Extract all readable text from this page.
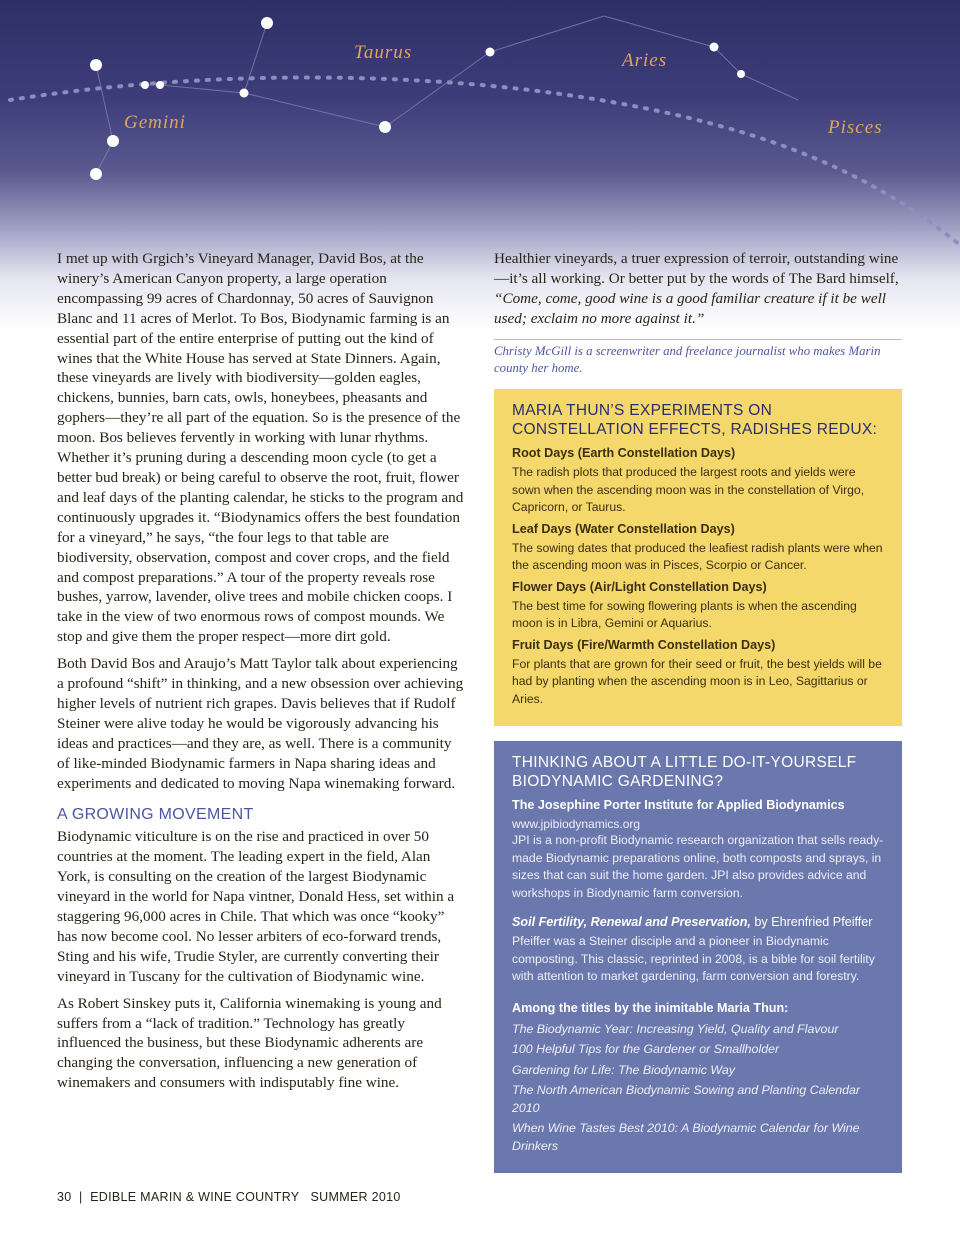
Gemini
Taurus	Aries
Pisces

I met up with Grgich’s Vineyard Manager, David Bos, at the winery’s American Canyon property, a large operation encompassing 99 acres of Chardonnay, 50 acres of Sauvignon Blanc and 11 acres of Merlot. To Bos, Biodynamic farming is an essential part of the entire enterprise of putting out the kind of wines that the White House has served at State Dinners. Again, these vineyards are lively with biodiversity—golden eagles, chickens, bunnies, barn cats, owls, honeybees, pheasants and gophers—they’re all part of the equation. So is the presence of the moon. Bos believes fervently in working with lunar rhythms. Whether it’s pruning during a descending moon cycle (to get a better bud break) or being careful to observe the root, fruit, flower and leaf days of the planting calendar, he sticks to the program and continuously upgrades it. “Biodynamics offers the best foundation for a vineyard,” he says, “the four legs to that table are biodiversity, observation, compost and cover crops, and the field and compost preparations.” A tour of the property reveals rose bushes, yarrow, lavender, olive trees and mobile chicken coops. I take in the view of two enormous rows of compost mounds. We stop and give them the proper respect—more dirt gold.

Both David Bos and Araujo’s Matt Taylor talk about experiencing a profound “shift” in thinking, and a new obsession over achieving higher levels of nutrient rich grapes. Davis believes that if Rudolf Steiner were alive today he would be vigorously advancing his ideas and practices—and they are, as well. There is a community of like-minded Biodynamic farmers in Napa sharing ideas and experiments and dedicated to moving Napa winemaking forward.

A GROWING MOVEMENT

Biodynamic viticulture is on the rise and practiced in over 50 countries at the moment. The leading expert in the field, Alan York, is consulting on the creation of the largest Biodynamic vineyard in the world for Napa vintner, Donald Hess, set within a staggering 96,000 acres in Chile. That which was once “kooky” has now become cool. No lesser arbiters of eco-forward trends, Sting and his wife, Trudie Styler, are currently converting their vineyard in Tuscany for the cultivation of Biodynamic wine.

As Robert Sinskey puts it, California winemaking is young and suffers from a “lack of tradition.” Technology has greatly influenced the business, but these Biodynamic adherents are changing the conversation, influencing a new generation of winemakers and consumers with indisputably fine wine.

Healthier vineyards, a truer expression of terroir, outstanding wine—it’s all working. Or better put by the words of The Bard himself, “Come, come, good wine is a good familiar creature if it be well used; exclaim no more against it.”

Christy McGill is a screenwriter and freelance journalist who makes Marin county her home.
MARIA THUN’S EXPERIMENTS ON CONSTELLATION EFFECTS, RADISHES REDUX:
Root Days (Earth Constellation Days)
The radish plots that produced the largest roots and yields were sown when the ascending moon was in the constellation of Virgo, Capricorn, or Taurus.
Leaf Days (Water Constellation Days)
The sowing dates that produced the leafiest radish plants were when the ascending moon was in Pisces, Scorpio or Cancer.
Flower Days (Air/Light Constellation Days)
The best time for sowing flowering plants is when the ascending moon is in Libra, Gemini or Aquarius.
Fruit Days (Fire/Warmth Constellation Days)
For plants that are grown for their seed or fruit, the best yields will be had by planting when the ascending moon is in Leo, Sagittarius or Aries.
THINKING ABOUT A LITTLE DO-IT-YOURSELF BIODYNAMIC GARDENING?
The Josephine Porter Institute for Applied Biodynamics
www.jpibiodynamics.org
JPI is a non-profit Biodynamic research organization that sells ready-made Biodynamic preparations online, both composts and sprays, in sizes that can suit the home garden. JPI also provides advice and workshops in Biodynamic farm conversion.
Soil Fertility, Renewal and Preservation, by Ehrenfried Pfeiffer
Pfeiffer was a Steiner disciple and a pioneer in Biodynamic composting. This classic, reprinted in 2008, is a bible for soil fertility with attention to market gardening, farm conversion and forestry.
Among the titles by the inimitable Maria Thun:
The Biodynamic Year: Increasing Yield, Quality and Flavour
100 Helpful Tips for the Gardener or Smallholder
Gardening for Life: The Biodynamic Way
The North American Biodynamic Sowing and Planting Calendar 2010
When Wine Tastes Best 2010: A Biodynamic Calendar for Wine Drinkers
30  |  EDIBLE MARIN & WINE COUNTRY   SUMMER 2010
